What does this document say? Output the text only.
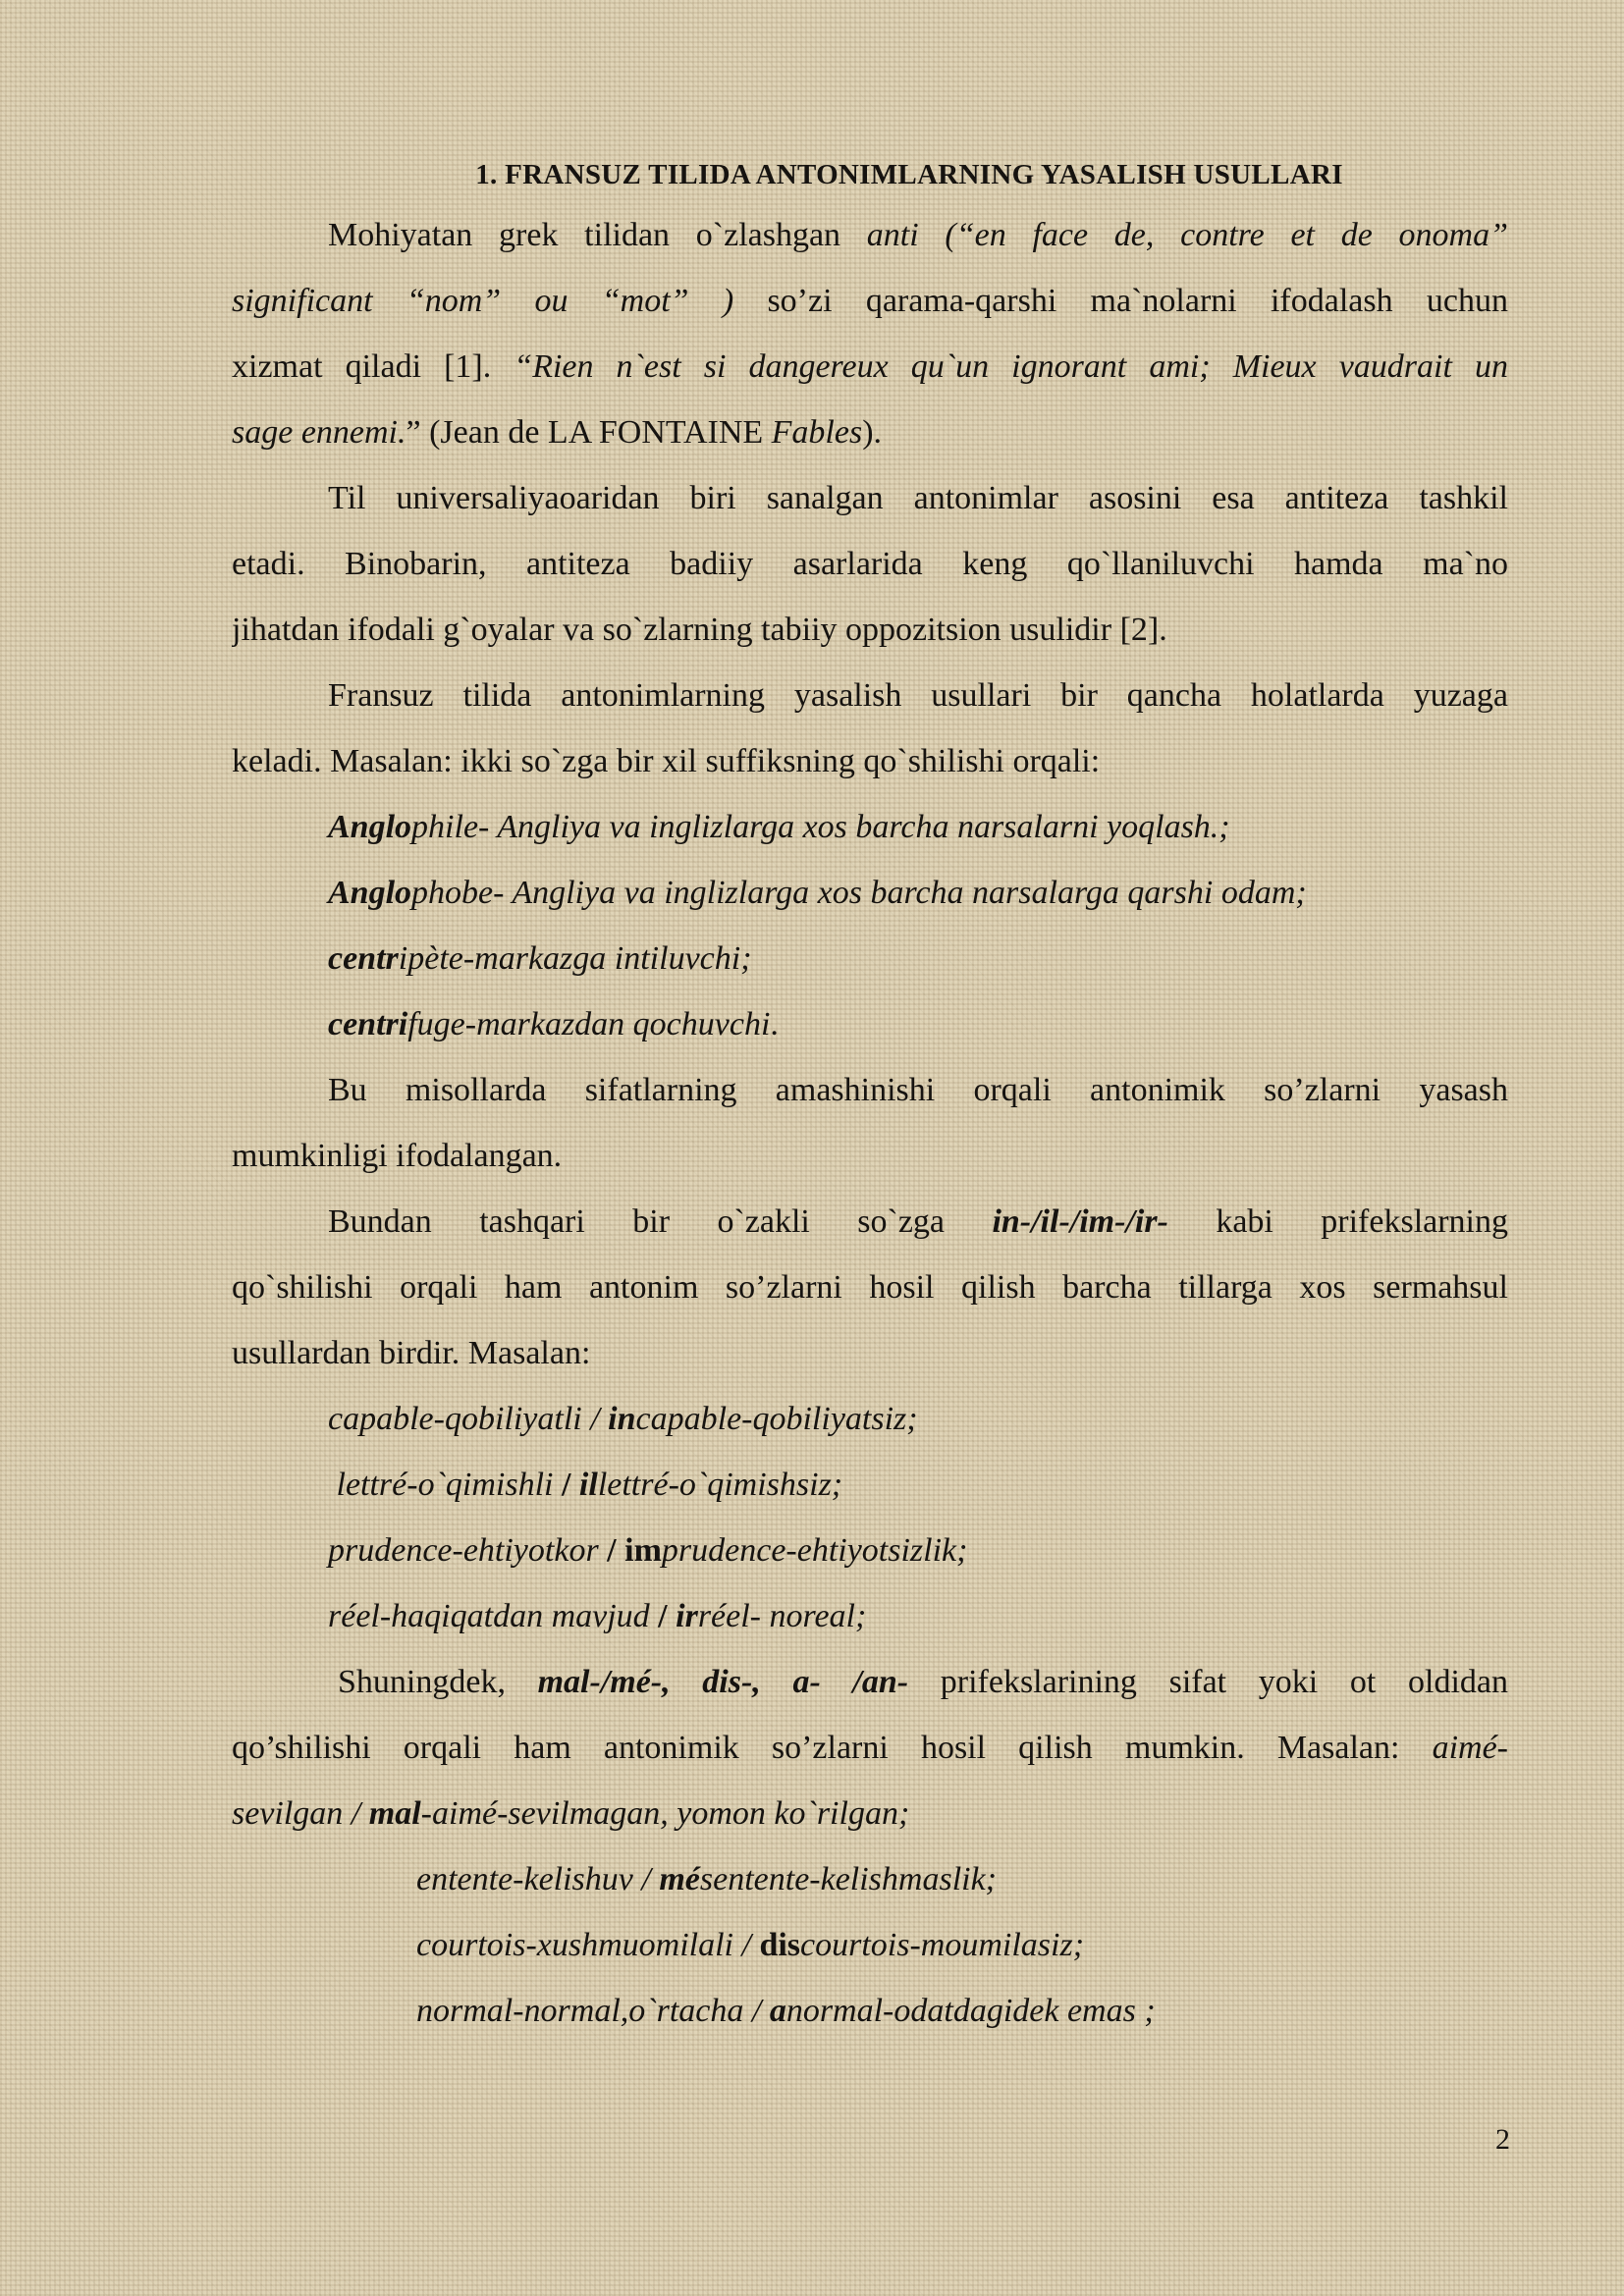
1. FRANSUZ TILIDA ANTONIMLARNING YASALISH USULLARI
Mohiyatan grek tilidan o`zlashgan anti (“en face de, contre et de onoma”
significant “nom” ou “mot” ) so’zi qarama-qarshi ma`nolarni ifodalash uchun
xizmat qiladi [1]. “Rien n`est si dangereux qu`un ignorant ami; Mieux vaudrait un
sage ennemi.” (Jean de LA FONTAINE Fables).
Til universaliyaoaridan biri sanalgan antonimlar asosini esa antiteza tashkil
etadi. Binobarin, antiteza badiiy asarlarida keng qo`llaniluvchi hamda ma`no
jihatdan ifodali g`oyalar va so`zlarning tabiiy oppozitsion usulidir [2].
Fransuz tilida antonimlarning yasalish usullari bir qancha holatlarda yuzaga
keladi. Masalan: ikki so`zga bir xil suffiksning qo`shilishi orqali:
Anglophile- Angliya va inglizlarga xos barcha narsalarni yoqlash.;
Anglophobe- Angliya va inglizlarga xos barcha narsalarga qarshi odam;
centripète-markazga intiluvchi;
centrifuge-markazdan qochuvchi.
Bu misollarda sifatlarning amashinishi orqali antonimik so’zlarni yasash
mumkinligi ifodalangan.
Bundan tashqari bir o`zakli so`zga in-/il-/im-/ir- kabi prifekslarning
qo`shilishi orqali ham antonim so’zlarni hosil qilish barcha tillarga xos sermahsul
usullardan birdir. Masalan:
capable-qobiliyatli / incapable-qobiliyatsiz;
lettré-o`qimishli / illettré-o`qimishsiz;
prudence-ehtiyotkor / imprudence-ehtiyotsizlik;
réel-haqiqatdan mavjud / irréel- noreal;
Shuningdek, mal-/mé-, dis-, a- /an- prifekslarining sifat yoki ot oldidan
qo’shilishi orqali ham antonimik so’zlarni hosil qilish mumkin. Masalan: aimé-
sevilgan / mal-aimé-sevilmagan, yomon ko`rilgan;
entente-kelishuv / mésentente-kelishmaslik;
courtois-xushmuomilali / discourtois-moumilasiz;
normal-normal,o`rtacha / anormal-odatdagidek emas ;
2
